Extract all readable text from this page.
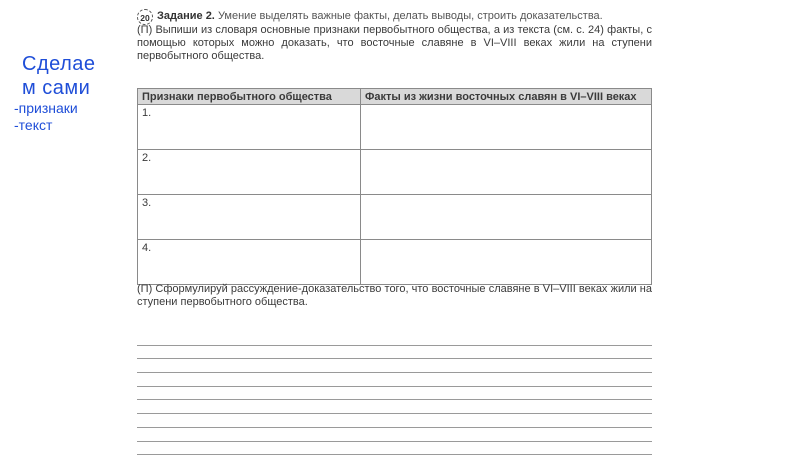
Сделаем сами
-признаки
-текст
20 Задание 2. Умение выделять важные факты, делать выводы, строить доказательства.
(П) Выпиши из словаря основные признаки первобытного общества, а из текста (см. с. 24) факты, с помощью которых можно доказать, что восточные славяне в VI–VIII веках жили на ступени первобытного общества.
Признаки первобытного общества	Факты из жизни восточных славян в VI–VIII веках
1.	
2.	
3.	
4.	
(П) Сформулируй рассуждение-доказательство того, что восточные славяне в VI–VIII веках жили на ступени первобытного общества.
